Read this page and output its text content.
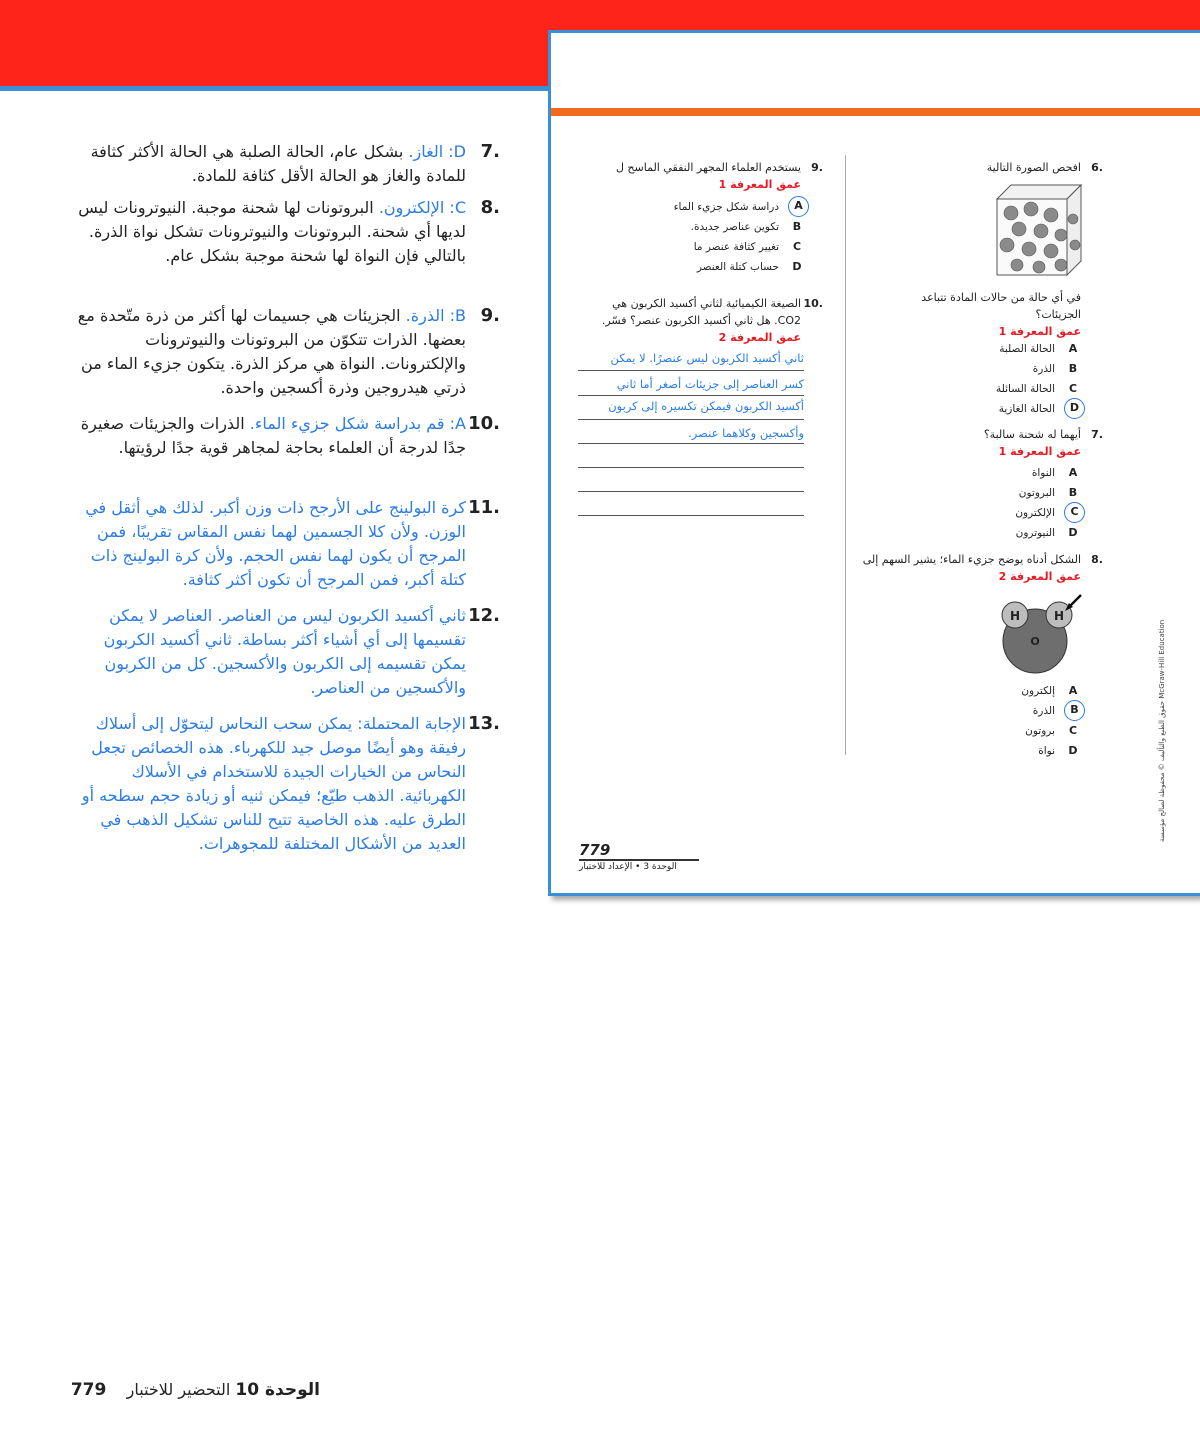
6.
افحص الصورة التالية
في أي حالة من حالات المادة تتباعد الجزيئات؟
عمق المعرفة 1
A
الحالة الصلبة
B
الذرة
C
الحالة السائلة
D
الحالة الغازية
7.
أيهما له شحنة سالبة؟
عمق المعرفة 1
A
النواة
B
البروتون
C
الإلكترون
D
النيوترون
8.
الشكل أدناه يوضح جزيء الماء؛ يشير السهم إلى
عمق المعرفة 2
H	H
O
A
إلكترون
B
الذرة
C
بروتون
D
نواة
9.
يستخدم العلماء المجهر النفقي الماسح ل
عمق المعرفة 1
A
دراسة شكل جزيء الماء
B
تكوين عناصر جديدة.
C
تغيير كثافة عنصر ما
D
حساب كتلة العنصر
10.
الصيغة الكيميائية لثاني أكسيد الكربون هي CO2. هل ثاني أكسيد الكربون عنصر؟ فسّر.
عمق المعرفة 2
ثاني أكسيد الكربون ليس عنصرًا. لا يمكن
كسر العناصر إلى جزيئات أصغر أما ثاني
أكسيد الكربون فيمكن تكسيره إلى كربون
وأكسجين وكلاهما عنصر.
779
الوحدة 3 • الإعداد للاختبار
حقوق الطبع والتأليف © محفوظة لصالح مؤسسة McGraw-Hill Education
7.
D: الغاز. بشكل عام، الحالة الصلبة هي الحالة الأكثر كثافة للمادة والغاز هو الحالة الأقل كثافة للمادة.
8.
C: الإلكترون. البروتونات لها شحنة موجبة. النيوترونات ليس لديها أي شحنة. البروتونات والنيوترونات تشكل نواة الذرة. بالتالي فإن النواة لها شحنة موجبة بشكل عام.
9.
B: الذرة. الجزيئات هي جسيمات لها أكثر من ذرة متّحدة مع بعضها. الذرات تتكوّن من البروتونات والنيوترونات والإلكترونات. النواة هي مركز الذرة. يتكون جزيء الماء من ذرتي هيدروجين وذرة أكسجين واحدة.
10.
A: قم بدراسة شكل جزيء الماء. الذرات والجزيئات صغيرة جدًا لدرجة أن العلماء بحاجة لمجاهر قوية جدًا لرؤيتها.
11.
كرة البولينج على الأرجح ذات وزن أكبر. لذلك هي أثقل في الوزن. ولأن كلا الجسمين لهما نفس المقاس تقريبًا، فمن المرجح أن يكون لهما نفس الحجم. ولأن كرة البولينج ذات كتلة أكبر، فمن المرجح أن تكون أكثر كثافة.
12.
ثاني أكسيد الكربون ليس من العناصر. العناصر لا يمكن تقسيمها إلى أي أشياء أكثر بساطة. ثاني أكسيد الكربون يمكن تقسيمه إلى الكربون والأكسجين. كل من الكربون والأكسجين من العناصر.
13.
الإجابة المحتملة: يمكن سحب النحاس ليتحوّل إلى أسلاك رفيقة وهو أيضًا موصل جيد للكهرباء. هذه الخصائص تجعل النحاس من الخيارات الجيدة للاستخدام في الأسلاك الكهربائية. الذهب طيّع؛ فيمكن ثنيه أو زيادة حجم سطحه أو الطرق عليه. هذه الخاصية تتيح للناس تشكيل الذهب في العديد من الأشكال المختلفة للمجوهرات.
الوحدة 10 التحضير للاختبار    779
